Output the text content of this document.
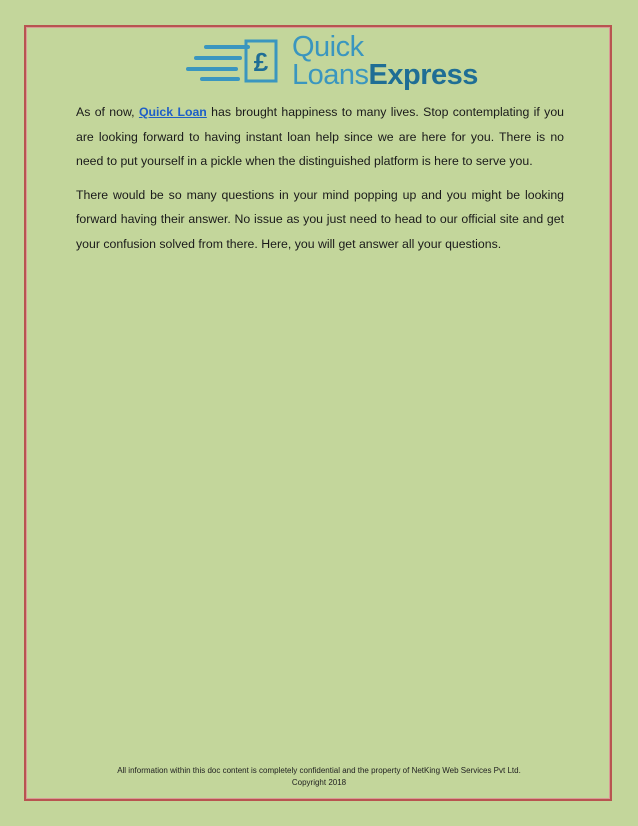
£ Quick
LoansExpress

As of now, Quick Loan has brought happiness to many lives. Stop contemplating if you are looking forward to having instant loan help since we are here for you. There is no need to put yourself in a pickle when the distinguished platform is here to serve you.

There would be so many questions in your mind popping up and you might be looking forward having their answer. No issue as you just need to head to our official site and get your confusion solved from there. Here, you will get answer all your questions.

All information within this doc content is completely confidential and the property of NetKing Web Services Pvt Ltd.
Copyright 2018
